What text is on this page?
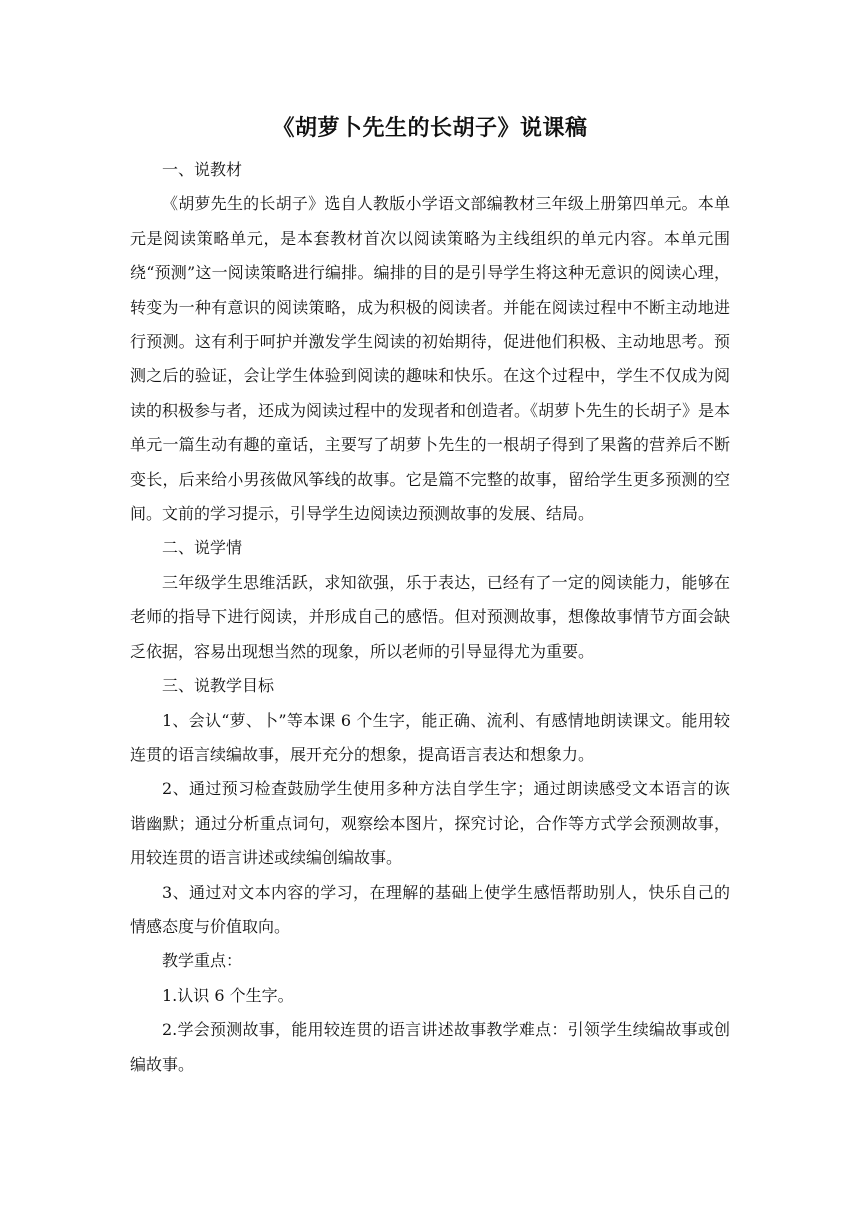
《胡萝卜先生的长胡子》说课稿

一、说教材

《胡萝先生的长胡子》选自人教版小学语文部编教材三年级上册第四单元。本单元是阅读策略单元，是本套教材首次以阅读策略为主线组织的单元内容。本单元围绕“预测”这一阅读策略进行编排。编排的目的是引导学生将这种无意识的阅读心理，转变为一种有意识的阅读策略，成为积极的阅读者。并能在阅读过程中不断主动地进行预测。这有利于呵护并激发学生阅读的初始期待，促进他们积极、主动地思考。预测之后的验证，会让学生体验到阅读的趣味和快乐。在这个过程中，学生不仅成为阅读的积极参与者，还成为阅读过程中的发现者和创造者。《胡萝卜先生的长胡子》是本单元一篇生动有趣的童话，主要写了胡萝卜先生的一根胡子得到了果酱的营养后不断变长，后来给小男孩做风筝线的故事。它是篇不完整的故事，留给学生更多预测的空间。文前的学习提示，引导学生边阅读边预测故事的发展、结局。

二、说学情

三年级学生思维活跃，求知欲强，乐于表达，已经有了一定的阅读能力，能够在老师的指导下进行阅读，并形成自己的感悟。但对预测故事，想像故事情节方面会缺乏依据，容易出现想当然的现象，所以老师的引导显得尤为重要。

三、说教学目标

1、会认“萝、卜”等本课 6 个生字，能正确、流利、有感情地朗读课文。能用较连贯的语言续编故事，展开充分的想象，提高语言表达和想象力。

2、通过预习检查鼓励学生使用多种方法自学生字；通过朗读感受文本语言的诙谐幽默；通过分析重点词句，观察绘本图片，探究讨论，合作等方式学会预测故事，用较连贯的语言讲述或续编创编故事。

3、通过对文本内容的学习，在理解的基础上使学生感悟帮助别人，快乐自己的情感态度与价值取向。

教学重点：

1.认识 6 个生字。

2.学会预测故事，能用较连贯的语言讲述故事教学难点：引领学生续编故事或创编故事。
